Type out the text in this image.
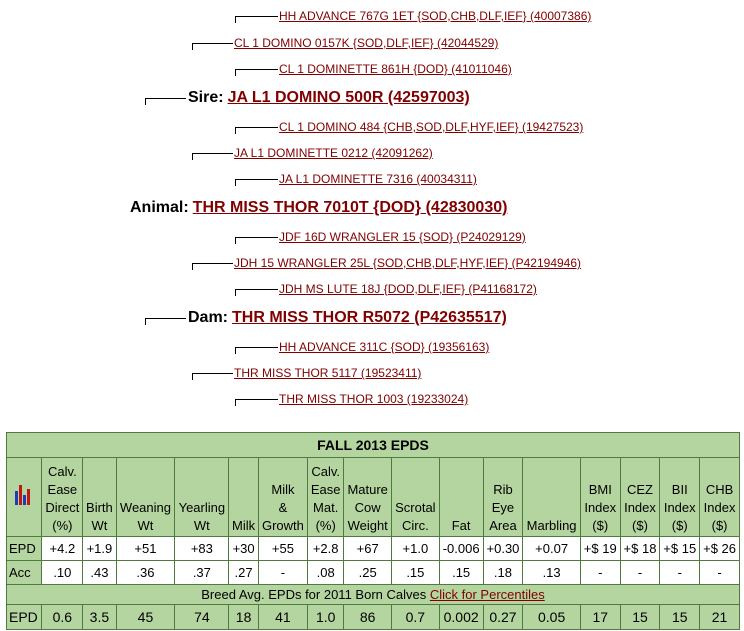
HH ADVANCE 767G 1ET {SOD,CHB,DLF,IEF} (40007386)
CL 1 DOMINO 0157K {SOD,DLF,IEF} (42044529)
CL 1 DOMINETTE 861H {DOD} (41011046)
Sire: JA L1 DOMINO 500R (42597003)
CL 1 DOMINO 484 {CHB,SOD,DLF,HYF,IEF} (19427523)
JA L1 DOMINETTE 0212 (42091262)
JA L1 DOMINETTE 7316 (40034311)
Animal: THR MISS THOR 7010T {DOD} (42830030)
JDF 16D WRANGLER 15 {SOD} (P24029129)
JDH 15 WRANGLER 25L {SOD,CHB,DLF,HYF,IEF} (P42194946)
JDH MS LUTE 18J {DOD,DLF,IEF} (P41168172)
Dam: THR MISS THOR R5072 (P42635517)
HH ADVANCE 311C {SOD} (19356163)
THR MISS THOR 5117 (19523411)
THR MISS THOR 1003 (19233024)
FALL 2013 EPDS																

	Calv.
Ease
Direct
(%)	Birth
Wt	Weaning
Wt	Yearling
Wt	Milk	Milk
&
Growth	Calv.
Ease
Mat.
(%)	Mature
Cow
Weight	Scrotal
Circ.	Fat	Rib
Eye
Area	Marbling	BMI
Index
($)	CEZ
Index
($)	BII
Index
($)	CHB
Index
($)
EPD	+4.2	+1.9	+51	+83	+30	+55	+2.8	+67	+1.0	-0.006	+0.30	+0.07	+$ 19	+$ 18	+$ 15	+$ 26
Acc	.10	.43	.36	.37	.27	-	.08	.25	.15	.15	.18	.13	-	-	-	-
Breed Avg. EPDs for 2011 Born Calves Click for Percentiles																
EPD	0.6	3.5	45	74	18	41	1.0	86	0.7	0.002	0.27	0.05	17	15	15	21
